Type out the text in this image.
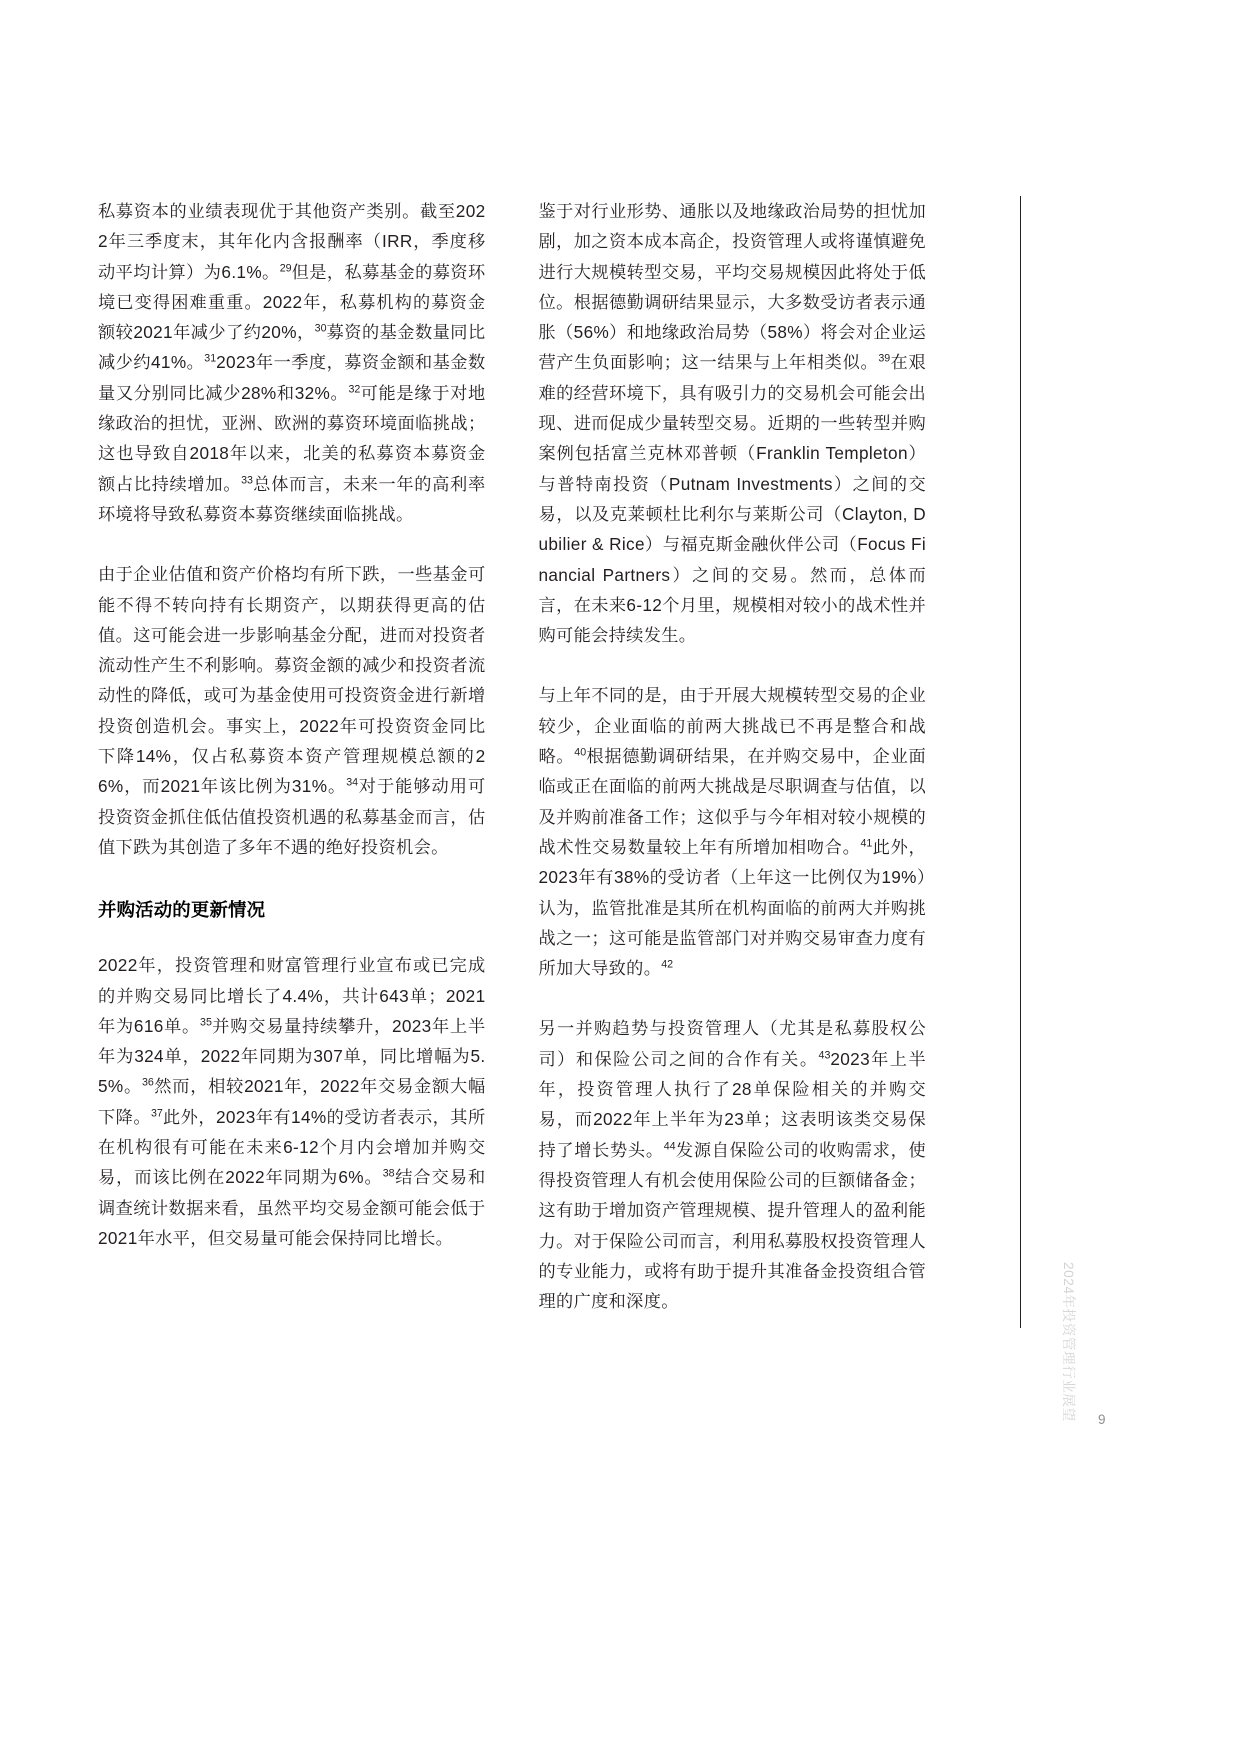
私募资本的业绩表现优于其他资产类别。截至2022年三季度末，其年化内含报酬率（IRR，季度移动平均计算）为6.1%。$^{29}$但是，私募基金的募资环境已变得困难重重。2022年，私募机构的募资金额较2021年减少了约20%，$^{30}$募资的基金数量同比减少约41%。$^{31}$2023年一季度，募资金额和基金数量又分别同比减少28%和32%。$^{32}$可能是缘于对地缘政治的担忧，亚洲、欧洲的募资环境面临挑战；这也导致自2018年以来，北美的私募资本募资金额占比持续增加。$^{33}$总体而言，未来一年的高利率环境将导致私募资本募资继续面临挑战。

由于企业估值和资产价格均有所下跌，一些基金可能不得不转向持有长期资产，以期获得更高的估值。这可能会进一步影响基金分配，进而对投资者流动性产生不利影响。募资金额的减少和投资者流动性的降低，或可为基金使用可投资资金进行新增投资创造机会。事实上，2022年可投资资金同比下降14%，仅占私募资本资产管理规模总额的26%，而2021年该比例为31%。$^{34}$对于能够动用可投资资金抓住低估值投资机遇的私募基金而言，估值下跌为其创造了多年不遇的绝好投资机会。

并购活动的更新情况

2022年，投资管理和财富管理行业宣布或已完成的并购交易同比增长了4.4%，共计643单；2021年为616单。$^{35}$并购交易量持续攀升，2023年上半年为324单，2022年同期为307单，同比增幅为5.5%。$^{36}$然而，相较2021年，2022年交易金额大幅下降。$^{37}$此外，2023年有14%的受访者表示，其所在机构很有可能在未来6-12个月内会增加并购交易，而该比例在2022年同期为6%。$^{38}$结合交易和调查统计数据来看，虽然平均交易金额可能会低于2021年水平，但交易量可能会保持同比增长。

鉴于对行业形势、通胀以及地缘政治局势的担忧加剧，加之资本成本高企，投资管理人或将谨慎避免进行大规模转型交易，平均交易规模因此将处于低位。根据德勤调研结果显示，大多数受访者表示通胀（56%）和地缘政治局势（58%）将会对企业运营产生负面影响；这一结果与上年相类似。$^{39}$在艰难的经营环境下，具有吸引力的交易机会可能会出现、进而促成少量转型交易。近期的一些转型并购案例包括富兰克林邓普顿（Franklin Templeton）与普特南投资（Putnam Investments）之间的交易，以及克莱顿杜比利尔与莱斯公司（Clayton, Dubilier & Rice）与福克斯金融伙伴公司（Focus Financial Partners）之间的交易。然而，总体而言，在未来6-12个月里，规模相对较小的战术性并购可能会持续发生。

与上年不同的是，由于开展大规模转型交易的企业较少，企业面临的前两大挑战已不再是整合和战略。$^{40}$根据德勤调研结果，在并购交易中，企业面临或正在面临的前两大挑战是尽职调查与估值，以及并购前准备工作；这似乎与今年相对较小规模的战术性交易数量较上年有所增加相吻合。$^{41}$此外，2023年有38%的受访者（上年这一比例仅为19%）认为，监管批准是其所在机构面临的前两大并购挑战之一；这可能是监管部门对并购交易审查力度有所加大导致的。$^{42}$

另一并购趋势与投资管理人（尤其是私募股权公司）和保险公司之间的合作有关。$^{43}$2023年上半年，投资管理人执行了28单保险相关的并购交易，而2022年上半年为23单；这表明该类交易保持了增长势头。$^{44}$发源自保险公司的收购需求，使得投资管理人有机会使用保险公司的巨额储备金；这有助于增加资产管理规模、提升管理人的盈利能力。对于保险公司而言，利用私募股权投资管理人的专业能力，或将有助于提升其准备金投资组合管理的广度和深度。	2024年投资管理行业展望 9
